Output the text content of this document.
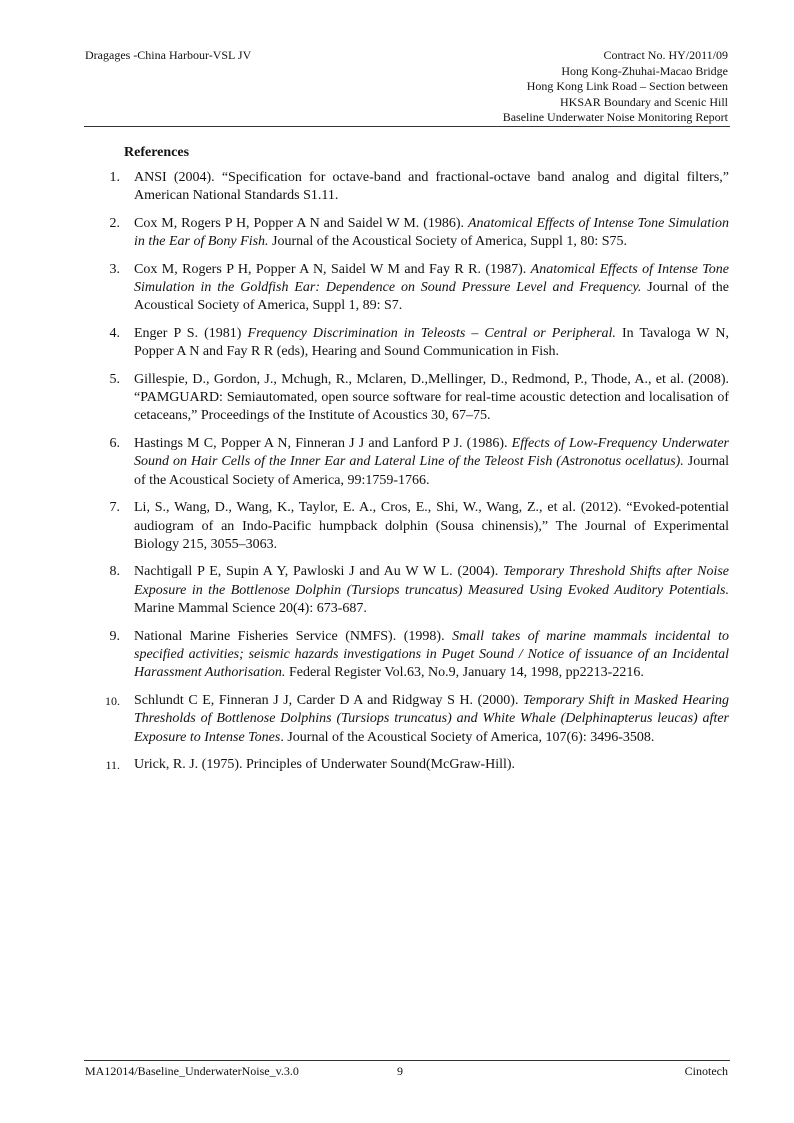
Dragages -China Harbour-VSL JV	Contract No. HY/2011/09
Hong Kong-Zhuhai-Macao Bridge
Hong Kong Link Road – Section between
HKSAR Boundary and Scenic Hill
Baseline Underwater Noise Monitoring Report
References
1. ANSI (2004). “Specification for octave-band and fractional-octave band analog and digital filters,” American National Standards S1.11.
2. Cox M, Rogers P H, Popper A N and Saidel W M. (1986). Anatomical Effects of Intense Tone Simulation in the Ear of Bony Fish. Journal of the Acoustical Society of America, Suppl 1, 80: S75.
3. Cox M, Rogers P H, Popper A N, Saidel W M and Fay R R. (1987). Anatomical Effects of Intense Tone Simulation in the Goldfish Ear: Dependence on Sound Pressure Level and Frequency. Journal of the Acoustical Society of America, Suppl 1, 89: S7.
4. Enger P S. (1981) Frequency Discrimination in Teleosts – Central or Peripheral. In Tavaloga W N, Popper A N and Fay R R (eds), Hearing and Sound Communication in Fish.
5. Gillespie, D., Gordon, J., Mchugh, R., Mclaren, D.,Mellinger, D., Redmond, P., Thode, A., et al. (2008). “PAMGUARD: Semiautomated, open source software for real-time acoustic detection and localisation of cetaceans,” Proceedings of the Institute of Acoustics 30, 67–75.
6. Hastings M C, Popper A N, Finneran J J and Lanford P J. (1986). Effects of Low-Frequency Underwater Sound on Hair Cells of the Inner Ear and Lateral Line of the Teleost Fish (Astronotus ocellatus). Journal of the Acoustical Society of America, 99:1759-1766.
7. Li, S., Wang, D., Wang, K., Taylor, E. A., Cros, E., Shi, W., Wang, Z., et al. (2012). “Evoked-potential audiogram of an Indo-Pacific humpback dolphin (Sousa chinensis),” The Journal of Experimental Biology 215, 3055–3063.
8. Nachtigall P E, Supin A Y, Pawloski J and Au W W L. (2004). Temporary Threshold Shifts after Noise Exposure in the Bottlenose Dolphin (Tursiops truncatus) Measured Using Evoked Auditory Potentials. Marine Mammal Science 20(4): 673-687.
9. National Marine Fisheries Service (NMFS). (1998). Small takes of marine mammals incidental to specified activities; seismic hazards investigations in Puget Sound / Notice of issuance of an Incidental Harassment Authorisation. Federal Register Vol.63, No.9, January 14, 1998, pp2213-2216.
10. Schlundt C E, Finneran J J, Carder D A and Ridgway S H. (2000). Temporary Shift in Masked Hearing Thresholds of Bottlenose Dolphins (Tursiops truncatus) and White Whale (Delphinapterus leucas) after Exposure to Intense Tones. Journal of the Acoustical Society of America, 107(6): 3496-3508.
11. Urick, R. J. (1975). Principles of Underwater Sound(McGraw-Hill).
MA12014/Baseline_UnderwaterNoise_v.3.0	9	Cinotech
